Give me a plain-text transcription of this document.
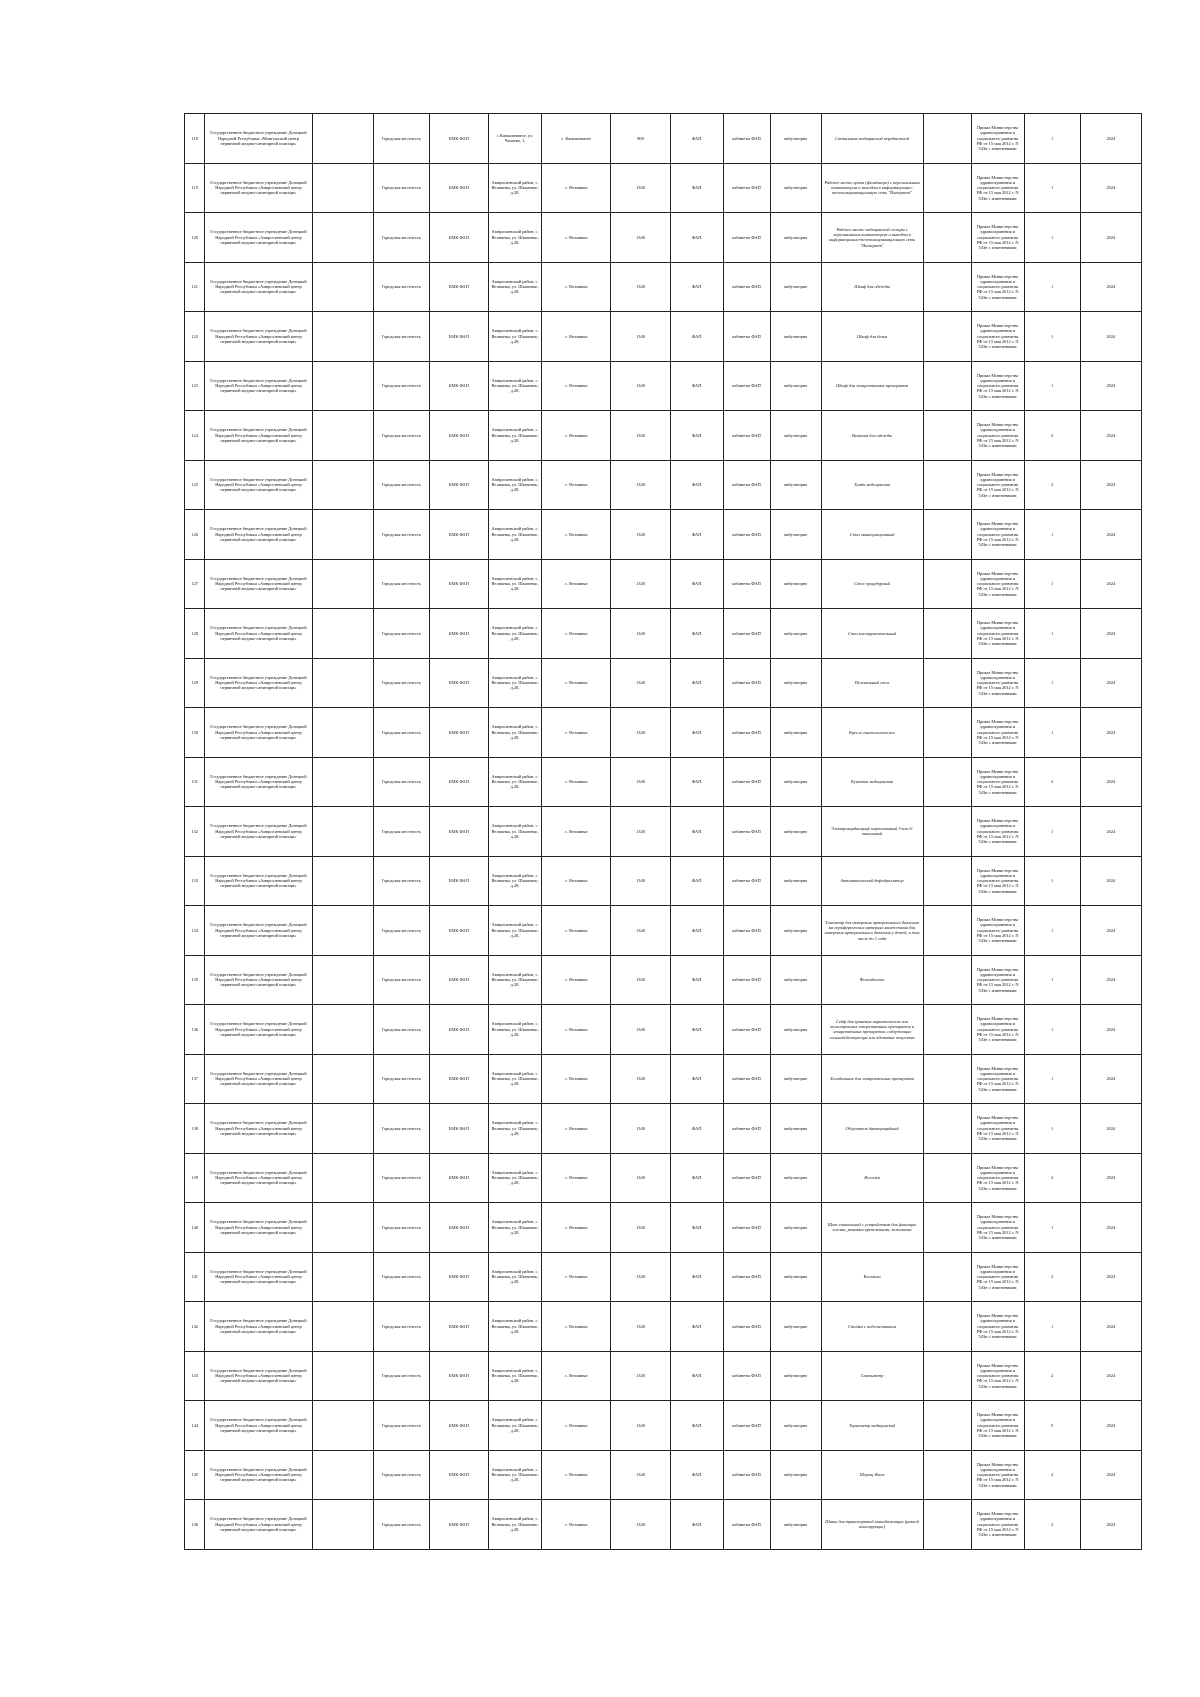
118	Государственное бюджетное учреждение Донецкой Народной Республики «Мангушский центр первичной медико-санитарной помощи»		Городская местность	БМК ФАП	с.Камышеватое, ул. Чапаева, 1,	с. Камышеватое	800	ФАП	кабинеты ФАП	амбулаторно	Светильник медицинский передвижной		Приказ Министерства здравоохранения и социального развития РФ от 15 мая 2012 г. N 543н с изменениями	1	2024
119	Государственное бюджетное учреждение Донецкой Народной Республики «Амвросиевский центр первичной медико-санитарной помощи»		Городская местность	БМК ФАП	Амвросиевский район, с. Велмянка, ул. Шкапенко, д.28,	с. Велмянка	1340	ФАП	кабинеты ФАП	амбулаторно	Рабочее место врача (фельдшера) с персональным компьютером и выходом в информационно-телекоммуникационную сеть "Интернет"		Приказ Министерства здравоохранения и социального развития РФ от 15 мая 2012 г. N 543н с изменениями	1	2024
120	Государственное бюджетное учреждение Донецкой Народной Республики «Амвросиевский центр первичной медико-санитарной помощи»		Городская местность	БМК ФАП	Амвросиевский район, с. Велмянка, ул. Шкапенко, д.28,	с. Велмянка	1340	ФАП	кабинеты ФАП	амбулаторно	Рабочее место медицинской сестры с персональным компьютером и выходом в информационно-телекоммуникационную сеть "Интернет"		Приказ Министерства здравоохранения и социального развития РФ от 15 мая 2012 г. N 543н с изменениями	1	2024
121	Государственное бюджетное учреждение Донецкой Народной Республики «Амвросиевский центр первичной медико-санитарной помощи»		Городская местность	БМК ФАП	Амвросиевский район, с. Велмянка, ул. Шкапенко, д.28,	с. Велмянка	1340	ФАП	кабинеты ФАП	амбулаторно	Шкаф для одежды		Приказ Министерства здравоохранения и социального развития РФ от 15 мая 2012 г. N 543н с изменениями	1	2024
122	Государственное бюджетное учреждение Донецкой Народной Республики «Амвросиевский центр первичной медико-санитарной помощи»		Городская местность	БМК ФАП	Амвросиевский район, с. Велмянка, ул. Шкапенко, д.28,	с. Велмянка	1340	ФАП	кабинеты ФАП	амбулаторно	Шкаф для белья		Приказ Министерства здравоохранения и социального развития РФ от 15 мая 2012 г. N 543н с изменениями	1	2024
123	Государственное бюджетное учреждение Донецкой Народной Республики «Амвросиевский центр первичной медико-санитарной помощи»		Городская местность	БМК ФАП	Амвросиевский район, с. Велмянка, ул. Шкапенко, д.28,	с. Велмянка	1340	ФАП	кабинеты ФАП	амбулаторно	Шкаф для лекарственных препаратов		Приказ Министерства здравоохранения и социального развития РФ от 15 мая 2012 г. N 543н с изменениями	1	2024
124	Государственное бюджетное учреждение Донецкой Народной Республики «Амвросиевский центр первичной медико-санитарной помощи»		Городская местность	БМК ФАП	Амвросиевский район, с. Велмянка, ул. Шкапенко, д.28,	с. Велмянка	1340	ФАП	кабинеты ФАП	амбулаторно	Вешалка для одежды		Приказ Министерства здравоохранения и социального развития РФ от 15 мая 2012 г. N 543н с изменениями	2	2024
125	Государственное бюджетное учреждение Донецкой Народной Республики «Амвросиевский центр первичной медико-санитарной помощи»		Городская местность	БМК ФАП	Амвросиевский район, с. Велмянка, ул. Шкапенко, д.28,	с. Велмянка	1340	ФАП	кабинеты ФАП	амбулаторно	Тумба медицинская		Приказ Министерства здравоохранения и социального развития РФ от 15 мая 2012 г. N 543н с изменениями	2	2024
126	Государственное бюджетное учреждение Донецкой Народной Республики «Амвросиевский центр первичной медико-санитарной помощи»		Городская местность	БМК ФАП	Амвросиевский район, с. Велмянка, ул. Шкапенко, д.28,	с. Велмянка	1340	ФАП	кабинеты ФАП	амбулаторно	Стол манипуляционный		Приказ Министерства здравоохранения и социального развития РФ от 15 мая 2012 г. N 543н с изменениями	1	2024
127	Государственное бюджетное учреждение Донецкой Народной Республики «Амвросиевский центр первичной медико-санитарной помощи»		Городская местность	БМК ФАП	Амвросиевский район, с. Велмянка, ул. Шкапенко, д.28,	с. Велмянка	1340	ФАП	кабинеты ФАП	амбулаторно	Стол процедурный		Приказ Министерства здравоохранения и социального развития РФ от 15 мая 2012 г. N 543н с изменениями	1	2024
128	Государственное бюджетное учреждение Донецкой Народной Республики «Амвросиевский центр первичной медико-санитарной помощи»		Городская местность	БМК ФАП	Амвросиевский район, с. Велмянка, ул. Шкапенко, д.28,	с. Велмянка	1340	ФАП	кабинеты ФАП	амбулаторно	Стол инструментальный		Приказ Министерства здравоохранения и социального развития РФ от 15 мая 2012 г. N 543н с изменениями	1	2024
129	Государственное бюджетное учреждение Донецкой Народной Республики «Амвросиевский центр первичной медико-санитарной помощи»		Городская местность	БМК ФАП	Амвросиевский район, с. Велмянка, ул. Шкапенко, д.28,	с. Велмянка	1340	ФАП	кабинеты ФАП	амбулаторно	Пеленальный стол		Приказ Министерства здравоохранения и социального развития РФ от 15 мая 2012 г. N 543н с изменениями	1	2024
130	Государственное бюджетное учреждение Донецкой Народной Республики «Амвросиевский центр первичной медико-санитарной помощи»		Городская местность	БМК ФАП	Амвросиевский район, с. Велмянка, ул. Шкапенко, д.28,	с. Велмянка	1340	ФАП	кабинеты ФАП	амбулаторно	Кресло гинекологическое		Приказ Министерства здравоохранения и социального развития РФ от 15 мая 2012 г. N 543н с изменениями	1	2024
131	Государственное бюджетное учреждение Донецкой Народной Республики «Амвросиевский центр первичной медико-санитарной помощи»		Городская местность	БМК ФАП	Амвросиевский район, с. Велмянка, ул. Шкапенко, д.28,	с. Велмянка	1340	ФАП	кабинеты ФАП	амбулаторно	Кушетка медицинская		Приказ Министерства здравоохранения и социального развития РФ от 15 мая 2012 г. N 543н с изменениями	2	2024
132	Государственное бюджетное учреждение Донецкой Народной Республики «Амвросиевский центр первичной медико-санитарной помощи»		Городская местность	БМК ФАП	Амвросиевский район, с. Велмянка, ул. Шкапенко, д.28,	с. Велмянка	1340	ФАП	кабинеты ФАП	амбулаторно	Электрокардиограф портативный 3-или 6-канальный		Приказ Министерства здравоохранения и социального развития РФ от 15 мая 2012 г. N 543н с изменениями	1	2024
133	Государственное бюджетное учреждение Донецкой Народной Республики «Амвросиевский центр первичной медико-санитарной помощи»		Городская местность	БМК ФАП	Амвросиевский район, с. Велмянка, ул. Шкапенко, д.28,	с. Велмянка	1340	ФАП	кабинеты ФАП	амбулаторно	Автоматический дефибриллятор		Приказ Министерства здравоохранения и социального развития РФ от 15 мая 2012 г. N 543н с изменениями	1	2024
134	Государственное бюджетное учреждение Донецкой Народной Республики «Амвросиевский центр первичной медико-санитарной помощи»		Городская местность	БМК ФАП	Амвросиевский район, с. Велмянка, ул. Шкапенко, д.28,	с. Велмянка	1340	ФАП	кабинеты ФАП	амбулаторно	Тонометр для измерения артериального давления на периферических артериях манжетами для измерения артериального давления у детей, в том числе до 1 года		Приказ Министерства здравоохранения и социального развития РФ от 15 мая 2012 г. N 543н с изменениями	1	2024
135	Государственное бюджетное учреждение Донецкой Народной Республики «Амвросиевский центр первичной медико-санитарной помощи»		Городская местность	БМК ФАП	Амвросиевский район, с. Велмянка, ул. Шкапенко, д.28,	с. Велмянка	1340	ФАП	кабинеты ФАП	амбулаторно	Фонендоскоп		Приказ Министерства здравоохранения и социального развития РФ от 15 мая 2012 г. N 543н с изменениями	1	2024
136	Государственное бюджетное учреждение Донецкой Народной Республики «Амвросиевский центр первичной медико-санитарной помощи»		Городская местность	БМК ФАП	Амвросиевский район, с. Велмянка, ул. Шкапенко, д.28,	с. Велмянка	1340	ФАП	кабинеты ФАП	амбулаторно	Сейф для хранения наркотических или психотропных лекарственных препаратов и лекарственных препаратов, содержащих сильнодействующие или ядовитые вещества		Приказ Министерства здравоохранения и социального развития РФ от 15 мая 2012 г. N 543н с изменениями	1	2024
137	Государственное бюджетное учреждение Донецкой Народной Республики «Амвросиевский центр первичной медико-санитарной помощи»		Городская местность	БМК ФАП	Амвросиевский район, с. Велмянка, ул. Шкапенко, д.28,	с. Велмянка	1340	ФАП	кабинеты ФАП	амбулаторно	Холодильник для лекарственных препаратов		Приказ Министерства здравоохранения и социального развития РФ от 15 мая 2012 г. N 543н с изменениями	1	2024
138	Государственное бюджетное учреждение Донецкой Народной Республики «Амвросиевский центр первичной медико-санитарной помощи»		Городская местность	БМК ФАП	Амвросиевский район, с. Велмянка, ул. Шкапенко, д.28,	с. Велмянка	1340	ФАП	кабинеты ФАП	амбулаторно	Облучатель бактерицидный		Приказ Министерства здравоохранения и социального развития РФ от 15 мая 2012 г. N 543н с изменениями	1	2024
139	Государственное бюджетное учреждение Донецкой Народной Республики «Амвросиевский центр первичной медико-санитарной помощи»		Городская местность	БМК ФАП	Амвросиевский район, с. Велмянка, ул. Шкапенко, д.28,	с. Велмянка	1340	ФАП	кабинеты ФАП	амбулаторно	Носилки		Приказ Министерства здравоохранения и социального развития РФ от 15 мая 2012 г. N 543н с изменениями	2	2024
140	Государственное бюджетное учреждение Донецкой Народной Республики «Амвросиевский центр первичной медико-санитарной помощи»		Городская местность	БМК ФАП	Амвросиевский район, с. Велмянка, ул. Шкапенко, д.28,	с. Велмянка	1340	ФАП	кабинеты ФАП	амбулаторно	Щит спинальный с устройством для фиксации головы, ремнями крепежными, зажимами		Приказ Министерства здравоохранения и социального развития РФ от 15 мая 2012 г. N 543н с изменениями	1	2024
141	Государственное бюджетное учреждение Донецкой Народной Республики «Амвросиевский центр первичной медико-санитарной помощи»		Городская местность	БМК ФАП	Амвросиевский район, с. Велмянка, ул. Шкапенко, д.28,	с. Велмянка	1340	ФАП	кабинеты ФАП	амбулаторно	Костыли		Приказ Министерства здравоохранения и социального развития РФ от 15 мая 2012 г. N 543н с изменениями	2	2024
142	Государственное бюджетное учреждение Донецкой Народной Республики «Амвросиевский центр первичной медико-санитарной помощи»		Городская местность	БМК ФАП	Амвросиевский район, с. Велмянка, ул. Шкапенко, д.28,	с. Велмянка	1340	ФАП	кабинеты ФАП	амбулаторно	Стойка с подлокотником		Приказ Министерства здравоохранения и социального развития РФ от 15 мая 2012 г. N 543н с изменениями	1	2024
143	Государственное бюджетное учреждение Донецкой Народной Республики «Амвросиевский центр первичной медико-санитарной помощи»		Городская местность	БМК ФАП	Амвросиевский район, с. Велмянка, ул. Шкапенко, д.28,	с. Велмянка	1340	ФАП	кабинеты ФАП	амбулаторно	Сантиметр		Приказ Министерства здравоохранения и социального развития РФ от 15 мая 2012 г. N 543н с изменениями	2	2024
144	Государственное бюджетное учреждение Донецкой Народной Республики «Амвросиевский центр первичной медико-санитарной помощи»		Городская местность	БМК ФАП	Амвросиевский район, с. Велмянка, ул. Шкапенко, д.28,	с. Велмянка	1340	ФАП	кабинеты ФАП	амбулаторно	Термометр медицинский		Приказ Министерства здравоохранения и социального развития РФ от 15 мая 2012 г. N 543н с изменениями	5	2024
145	Государственное бюджетное учреждение Донецкой Народной Республики «Амвросиевский центр первичной медико-санитарной помощи»		Городская местность	БМК ФАП	Амвросиевский район, с. Велмянка, ул. Шкапенко, д.28,	с. Велмянка	1340	ФАП	кабинеты ФАП	амбулаторно	Шприц Жанэ		Приказ Министерства здравоохранения и социального развития РФ от 15 мая 2012 г. N 543н с изменениями	2	2024
146	Государственное бюджетное учреждение Донецкой Народной Республики «Амвросиевский центр первичной медико-санитарной помощи»		Городская местность	БМК ФАП	Амвросиевский район, с. Велмянка, ул. Шкапенко, д.28,	с. Велмянка	1340	ФАП	кабинеты ФАП	амбулаторно	Шины для транспортной иммобилизации (разной конструкции)		Приказ Министерства здравоохранения и социального развития РФ от 15 мая 2012 г. N 543н с изменениями	2	2024
